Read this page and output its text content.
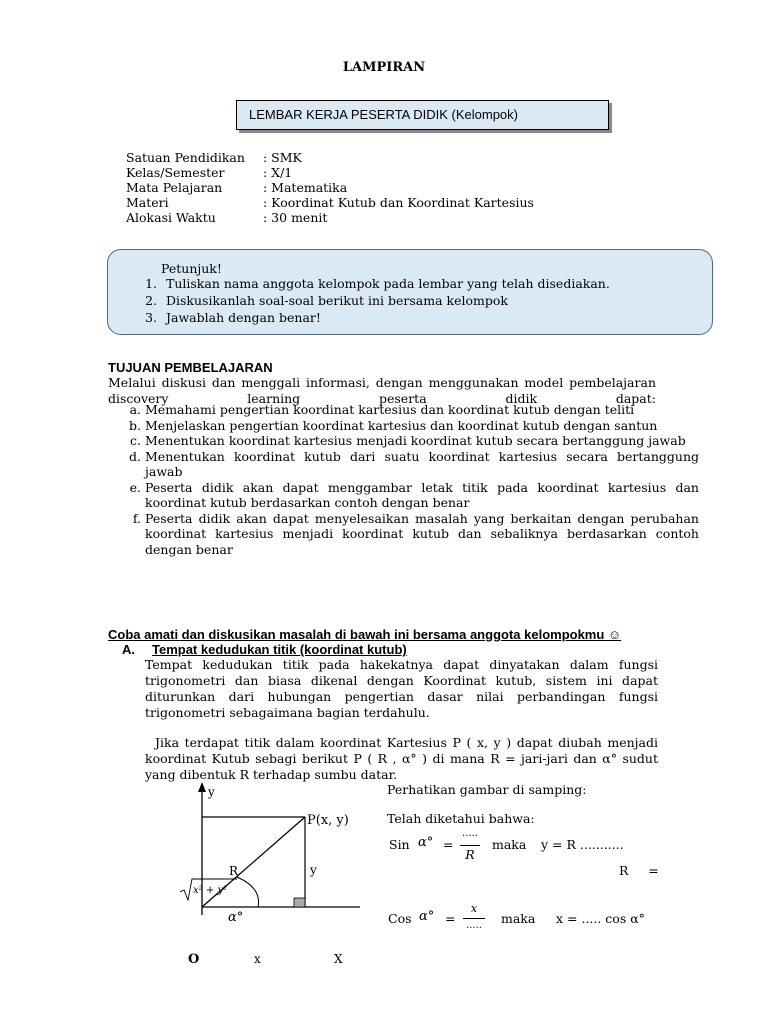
LAMPIRAN
LEMBAR KERJA PESERTA DIDIK (Kelompok)
Satuan Pendidikan	: SMK
Kelas/Semester	: X/1
Mata Pelajaran	: Matematika
Materi	: Koordinat Kutub dan Koordinat Kartesius
Alokasi Waktu	: 30 menit
Petunjuk!
1. Tuliskan nama anggota kelompok pada lembar yang telah disediakan.
2. Diskusikanlah soal-soal berikut ini bersama kelompok
3. Jawablah dengan benar!
TUJUAN PEMBELAJARAN
Melalui diskusi dan menggali informasi, dengan menggunakan model pembelajaran discovery learning peserta didik dapat:
a. Memahami pengertian koordinat kartesius dan koordinat kutub dengan teliti
b. Menjelaskan pengertian koordinat kartesius dan koordinat kutub dengan santun
c. Menentukan koordinat kartesius menjadi koordinat kutub secara bertanggung jawab
d. Menentukan koordinat kutub dari suatu koordinat kartesius secara bertanggung jawab
e. Peserta didik akan dapat menggambar letak titik pada koordinat kartesius dan koordinat kutub berdasarkan contoh dengan benar
f. Peserta didik akan dapat menyelesaikan masalah yang berkaitan dengan perubahan koordinat kartesius menjadi koordinat kutub dan sebaliknya berdasarkan contoh dengan benar
Coba amati dan diskusikan masalah di bawah ini bersama anggota kelompokmu ☺
A. Tempat kedudukan titik (koordinat kutub)
Tempat kedudukan titik pada hakekatnya dapat dinyatakan dalam fungsi trigonometri dan biasa dikenal dengan Koordinat kutub, sistem ini dapat diturunkan dari hubungan pengertian dasar nilai perbandingan fungsi trigonometri sebagaimana bagian terdahulu.
Jika terdapat titik dalam koordinat Kartesius P ( x, y ) dapat diubah menjadi koordinat Kutub sebagi berikut P ( R , α° ) di mana R = jari-jari dan α° sudut yang dibentuk R terhadap sumbu datar.
y
P(x, y)
R	y
x² + y²
α°
O	x	X
Perhatikan gambar di samping:
Telah diketahui bahwa:
Sin α° =
.....
R
maka y = R ...........
R     =
Cos α° =
x
..... maka x = ..... cos α°
